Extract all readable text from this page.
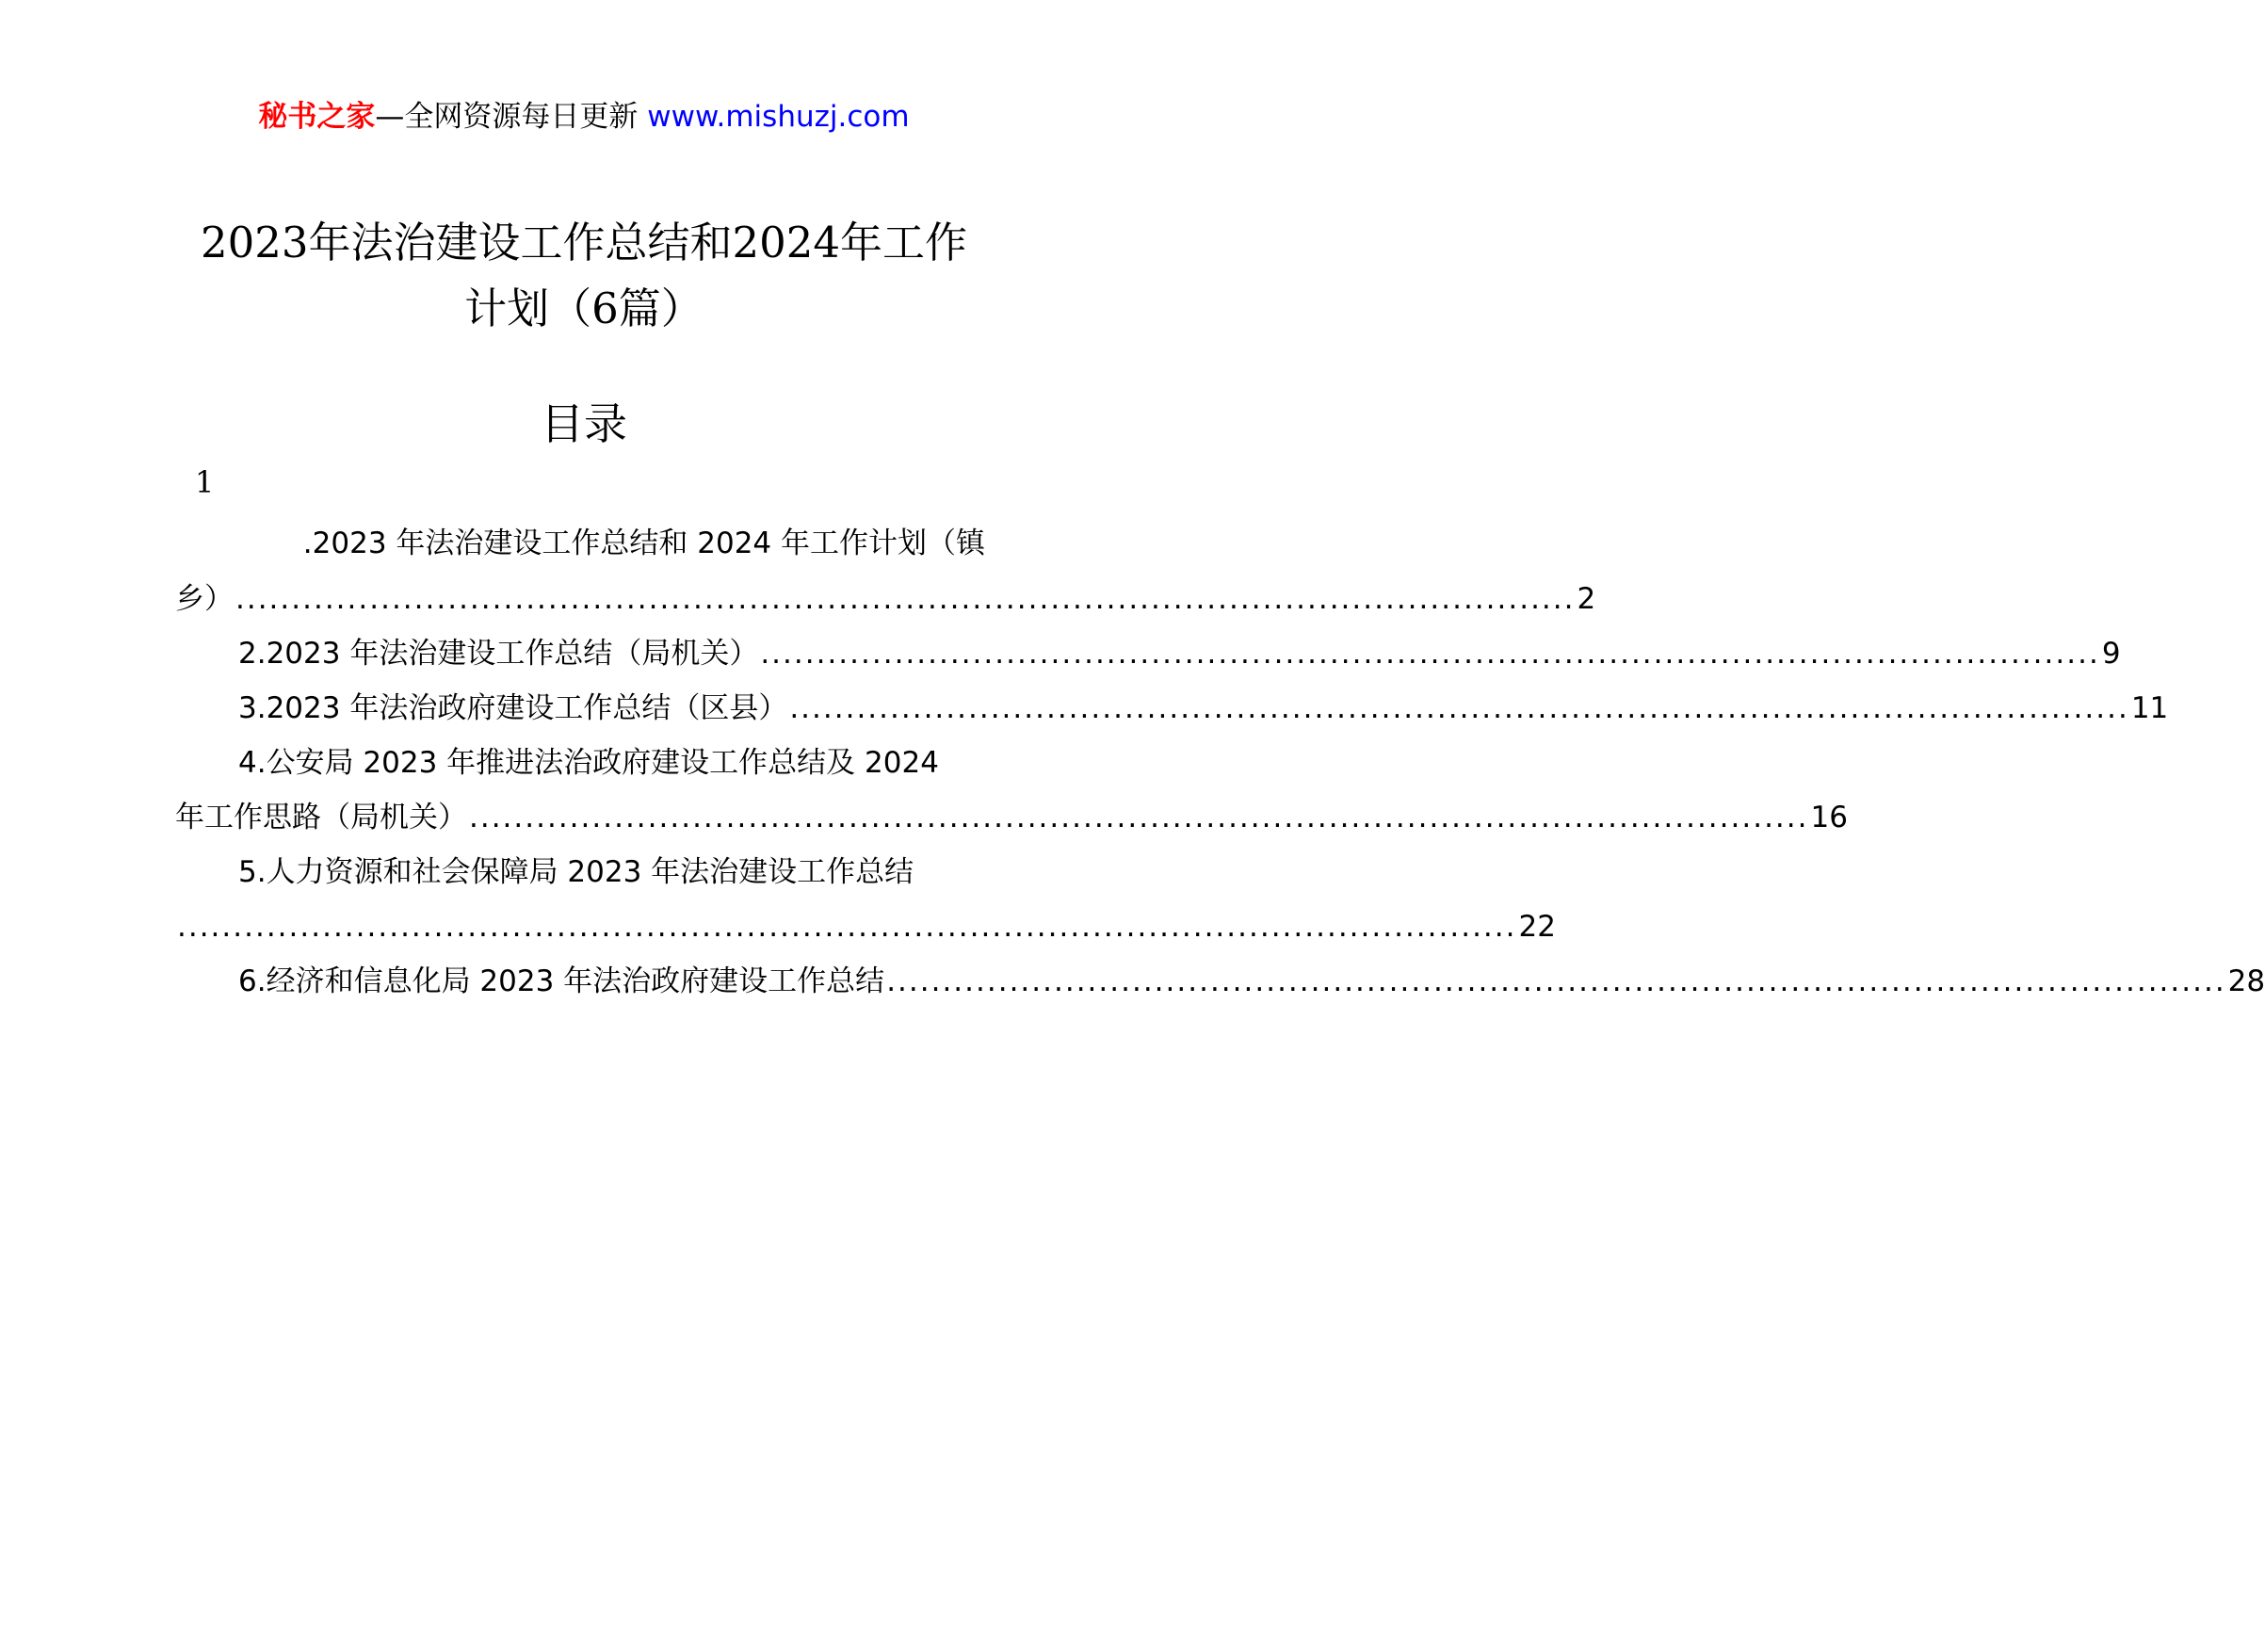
秘书之家—全网资源每日更新 www.mishuzj.com
2023年法治建设工作总结和2024年工作
计划（6篇）
目录
1
.2023 年法治建设工作总结和 2024 年工作计划（镇
乡） ........................................................................................................................ 2
2.2023 年法治建设工作总结（局机关） ........................................................................................................................ 9
3.2023 年法治政府建设工作总结（区县） ........................................................................................................................ 11
4.公安局 2023 年推进法治政府建设工作总结及 2024
年工作思路（局机关） ........................................................................................................................ 16
5.人力资源和社会保障局 2023 年法治建设工作总结
........................................................................................................................ 22
6.经济和信息化局 2023 年法治政府建设工作总结 ........................................................................................................................ 28
